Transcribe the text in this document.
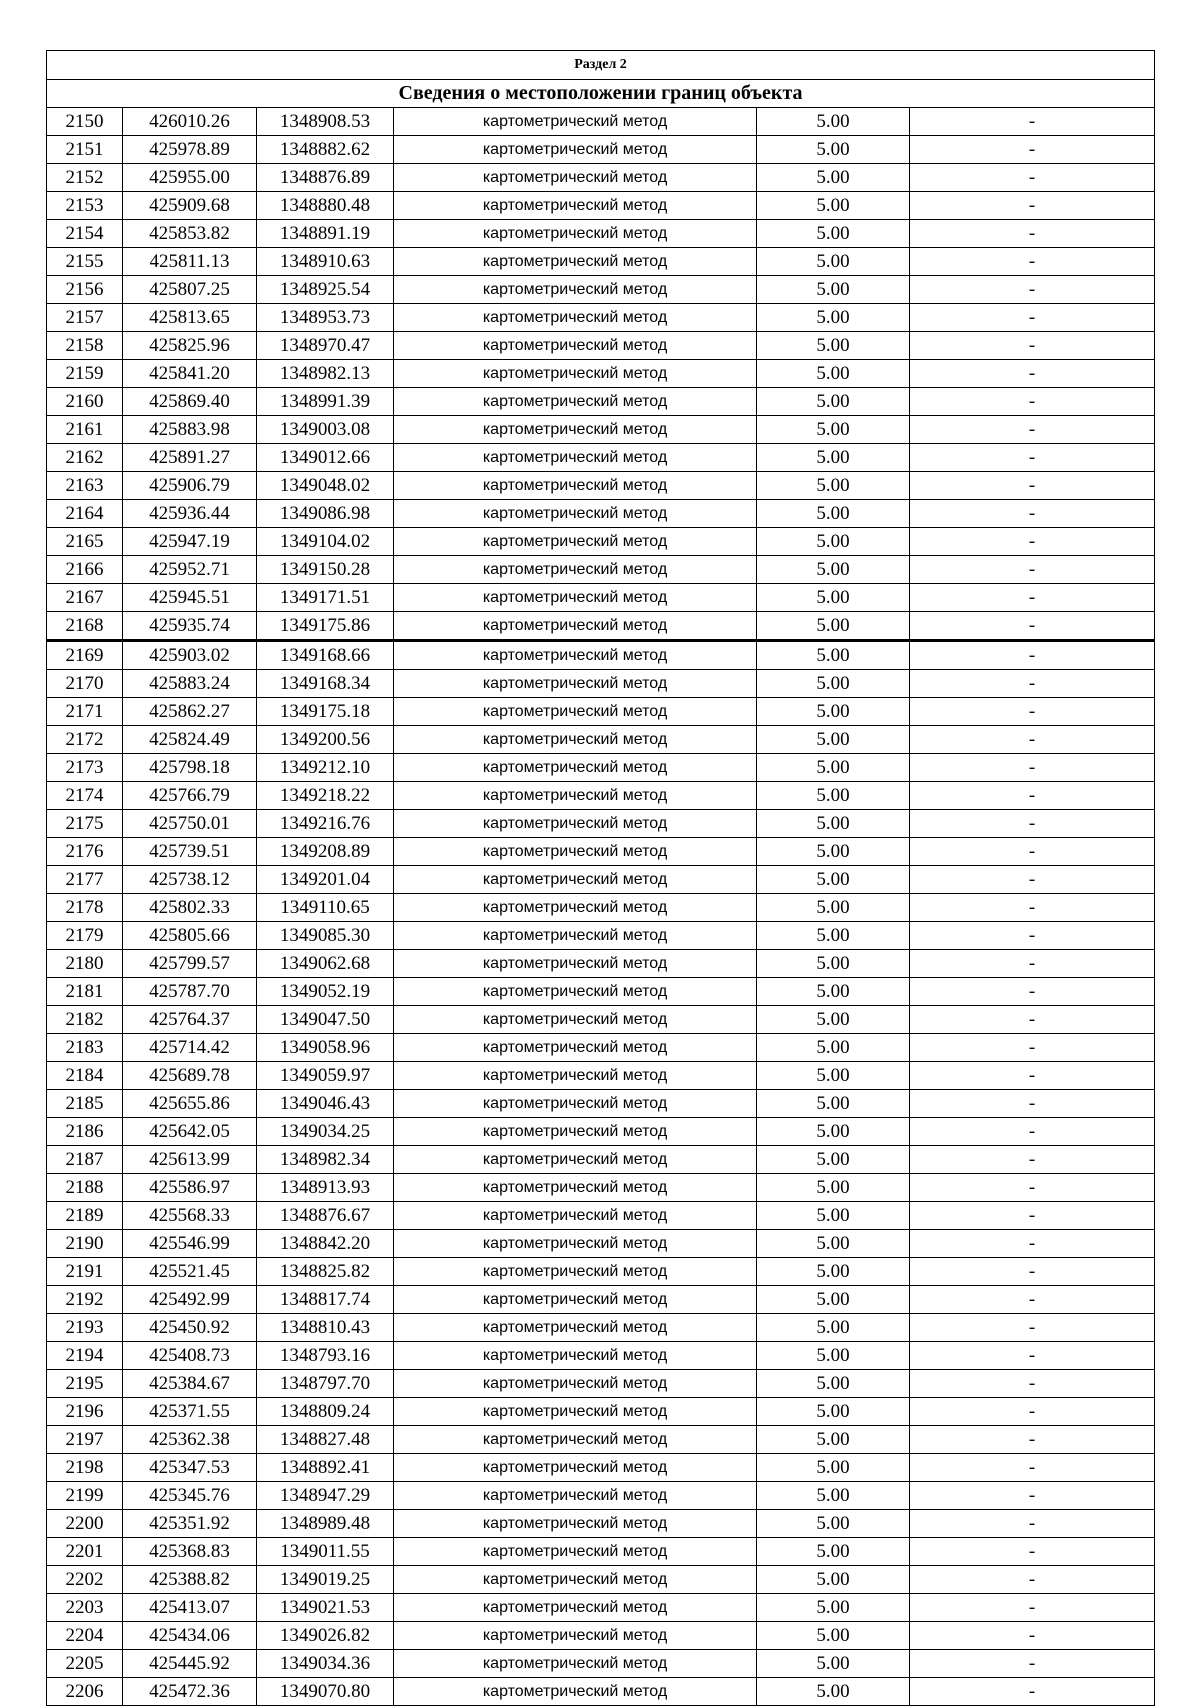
Раздел 2					
Сведения о местоположении границ объекта					
2150	426010.26	1348908.53	картометрический метод	5.00	-
2151	425978.89	1348882.62	картометрический метод	5.00	-
2152	425955.00	1348876.89	картометрический метод	5.00	-
2153	425909.68	1348880.48	картометрический метод	5.00	-
2154	425853.82	1348891.19	картометрический метод	5.00	-
2155	425811.13	1348910.63	картометрический метод	5.00	-
2156	425807.25	1348925.54	картометрический метод	5.00	-
2157	425813.65	1348953.73	картометрический метод	5.00	-
2158	425825.96	1348970.47	картометрический метод	5.00	-
2159	425841.20	1348982.13	картометрический метод	5.00	-
2160	425869.40	1348991.39	картометрический метод	5.00	-
2161	425883.98	1349003.08	картометрический метод	5.00	-
2162	425891.27	1349012.66	картометрический метод	5.00	-
2163	425906.79	1349048.02	картометрический метод	5.00	-
2164	425936.44	1349086.98	картометрический метод	5.00	-
2165	425947.19	1349104.02	картометрический метод	5.00	-
2166	425952.71	1349150.28	картометрический метод	5.00	-
2167	425945.51	1349171.51	картометрический метод	5.00	-
2168	425935.74	1349175.86	картометрический метод	5.00	-
2169	425903.02	1349168.66	картометрический метод	5.00	-
2170	425883.24	1349168.34	картометрический метод	5.00	-
2171	425862.27	1349175.18	картометрический метод	5.00	-
2172	425824.49	1349200.56	картометрический метод	5.00	-
2173	425798.18	1349212.10	картометрический метод	5.00	-
2174	425766.79	1349218.22	картометрический метод	5.00	-
2175	425750.01	1349216.76	картометрический метод	5.00	-
2176	425739.51	1349208.89	картометрический метод	5.00	-
2177	425738.12	1349201.04	картометрический метод	5.00	-
2178	425802.33	1349110.65	картометрический метод	5.00	-
2179	425805.66	1349085.30	картометрический метод	5.00	-
2180	425799.57	1349062.68	картометрический метод	5.00	-
2181	425787.70	1349052.19	картометрический метод	5.00	-
2182	425764.37	1349047.50	картометрический метод	5.00	-
2183	425714.42	1349058.96	картометрический метод	5.00	-
2184	425689.78	1349059.97	картометрический метод	5.00	-
2185	425655.86	1349046.43	картометрический метод	5.00	-
2186	425642.05	1349034.25	картометрический метод	5.00	-
2187	425613.99	1348982.34	картометрический метод	5.00	-
2188	425586.97	1348913.93	картометрический метод	5.00	-
2189	425568.33	1348876.67	картометрический метод	5.00	-
2190	425546.99	1348842.20	картометрический метод	5.00	-
2191	425521.45	1348825.82	картометрический метод	5.00	-
2192	425492.99	1348817.74	картометрический метод	5.00	-
2193	425450.92	1348810.43	картометрический метод	5.00	-
2194	425408.73	1348793.16	картометрический метод	5.00	-
2195	425384.67	1348797.70	картометрический метод	5.00	-
2196	425371.55	1348809.24	картометрический метод	5.00	-
2197	425362.38	1348827.48	картометрический метод	5.00	-
2198	425347.53	1348892.41	картометрический метод	5.00	-
2199	425345.76	1348947.29	картометрический метод	5.00	-
2200	425351.92	1348989.48	картометрический метод	5.00	-
2201	425368.83	1349011.55	картометрический метод	5.00	-
2202	425388.82	1349019.25	картометрический метод	5.00	-
2203	425413.07	1349021.53	картометрический метод	5.00	-
2204	425434.06	1349026.82	картометрический метод	5.00	-
2205	425445.92	1349034.36	картометрический метод	5.00	-
2206	425472.36	1349070.80	картометрический метод	5.00	-
